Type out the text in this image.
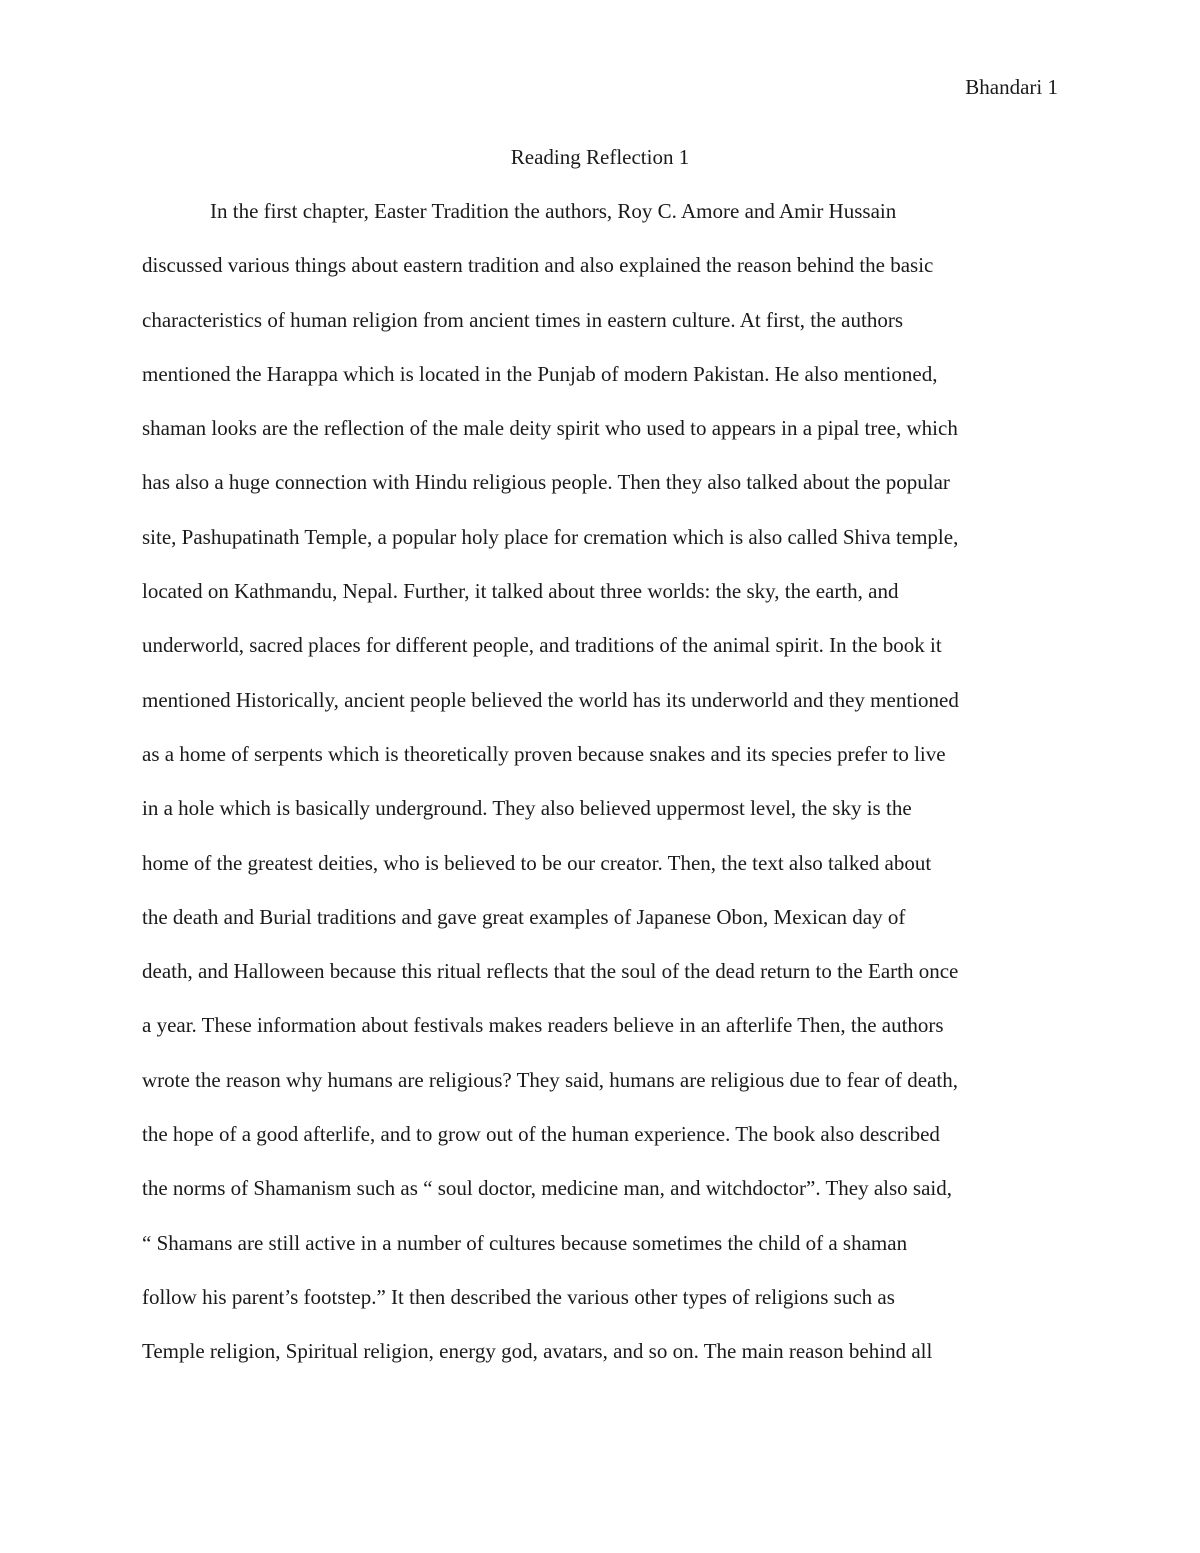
Bhandari 1
Reading Reflection 1
In the first chapter, Easter Tradition the authors, Roy C. Amore and Amir Hussain
discussed various things about eastern tradition and also explained the reason behind the basic
characteristics of human religion from ancient times in eastern culture. At first, the authors
mentioned the Harappa which is located in the Punjab of modern Pakistan. He also mentioned,
shaman looks are the reflection of the male deity spirit who used to appears in a pipal tree, which
has also a huge connection with Hindu religious people. Then they also talked about the popular
site, Pashupatinath Temple, a popular holy place for cremation which is also called Shiva temple,
located on Kathmandu, Nepal. Further, it talked about three worlds: the sky, the earth, and
underworld, sacred places for different people, and traditions of the animal spirit. In the book it
mentioned Historically, ancient people believed the world has its underworld and they mentioned
as a home of serpents which is theoretically proven because snakes and its species prefer to live
in a hole which is basically underground. They also believed uppermost level, the sky is the
home of the greatest deities, who is believed to be our creator. Then, the text also talked about
the death and Burial traditions and gave great examples of Japanese Obon, Mexican day of
death, and Halloween because this ritual reflects that the soul of the dead return to the Earth once
a year. These information about festivals makes readers believe in an afterlife Then, the authors
wrote the reason why humans are religious? They said, humans are religious due to fear of death,
the hope of a good afterlife, and to grow out of the human experience. The book also described
the norms of Shamanism such as “ soul doctor, medicine man, and witchdoctor”. They also said,
“ Shamans are still active in a number of cultures because sometimes the child of a shaman
follow his parent’s footstep.” It then described the various other types of religions such as
Temple religion, Spiritual religion, energy god, avatars, and so on. The main reason behind all
